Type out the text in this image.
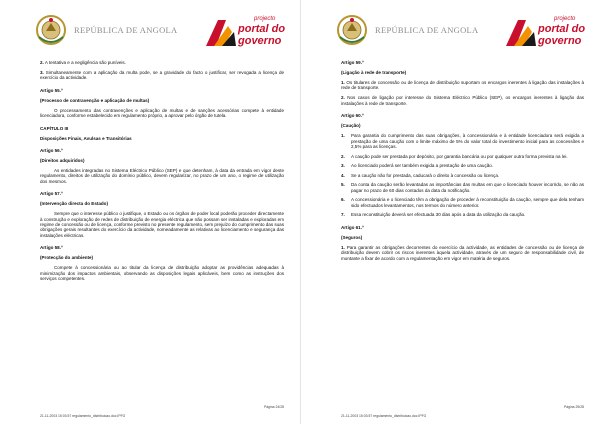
REPÚBLICA DE ANGOLA
projecto
portal do
governo

2. A tentativa e a negligência são puníveis.

3. Simultaneamente com a aplicação da multa pode, se a gravidade do facto o justificar, ser revogada a licença de exercício da actividade.

Artigo 55.º

(Processo de contravenção e aplicação de multas)

O processamento das contravenções e aplicação de multas e de sanções acessórias compete à entidade licenciadora, conforme estabelecido em regulamento próprio, a aprovar pelo órgão de tutela.

CAPÍTULO III

Disposições Finais, Avulsas e Transitórias

Artigo 56.º

(Direitos adquiridos)

As entidades integradas no Sistema Eléctrico Público (SEP) e que detenham, à data da entrada em vigor deste regulamento, direitos de utilização do domínio público, devem regularizar, no prazo de um ano, o regime de utilização dos mesmos.

Artigo 57.º

(Intervenção directa do Estado)

Sempre que o interesse público o justifique, o Estado ou os órgãos de poder local poderão proceder directamente à construção e exploração de redes de distribuição de energia eléctrica que não possam ser instaladas e exploradas em regime de concessão ou de licença, conforme previsto no presente regulamento, sem prejuízo do cumprimento das suas obrigações gerais resultantes do exercício da actividade, nomeadamente as relativas ao licenciamento e segurança das instalações eléctricas.

Artigo 58.º

(Protecção do ambiente)

Compete à concessionária ou ao titular da licença de distribuição adoptar as providências adequadas à minimização dos impactos ambientais, observando as disposições legais aplicáveis, bem como as instruções dos serviços competentes.

Página 24/28
21-11-2003 15:03:57 regulamento_distribuicao.doc.IPFG
REPÚBLICA DE ANGOLA
projecto
portal do
governo

Artigo 59.º

(Ligação à rede de transporte)

1. Os titulares de concessão ou de licença de distribuição suportam os encargos inerentes à ligação das instalações à rede de transporte.

2. Nos casos de ligação por interesse do Sistema Eléctrico Público (SEP), os encargos inerentes à ligação das instalações à rede de transporte.

Artigo 60.º

(Caução)

1.	Para garantia do cumprimento das suas obrigações, à concessionária e à entidade licenciadora será exigida a prestação de uma caução com o limite máximo de 5% do valor total do investimento inicial para as concessões e 2,5% para as licenças.
2.	A caução pode ser prestada por depósito, por garantia bancária ou por qualquer outra forma prevista na lei.
3.	Ao licenciado poderá ser também exigida a prestação de uma caução.
4.	Se a caução não for prestada, caducará o direito à concessão ou licença.
5.	Da conta da caução serão levantadas as importâncias das multas em que o licenciado houver incorrido, se não as pagar no prazo de 60 dias contados da data da notificação.
6.	A concessionária e o licenciado têm a obrigação de proceder à reconstituição da caução, sempre que dela tenham sido efectuados levantamentos, nos termos do número anterior.
7.	Essa reconstituição deverá ser efectuada 30 dias após a data da utilização da caução.

Artigo 61.º

(Seguros)

1. Para garantir as obrigações decorrentes do exercício da actividade, as entidades de concessão ou de licença de distribuição devem cobrir os riscos inerentes àquela actividade, através de um seguro de responsabilidade civil, de montante a fixar de acordo com a regulamentação em vigor em matéria de seguros.

Página 25/28
21-11-2003 15:03:57 regulamento_distribuicao.doc.IPFG
